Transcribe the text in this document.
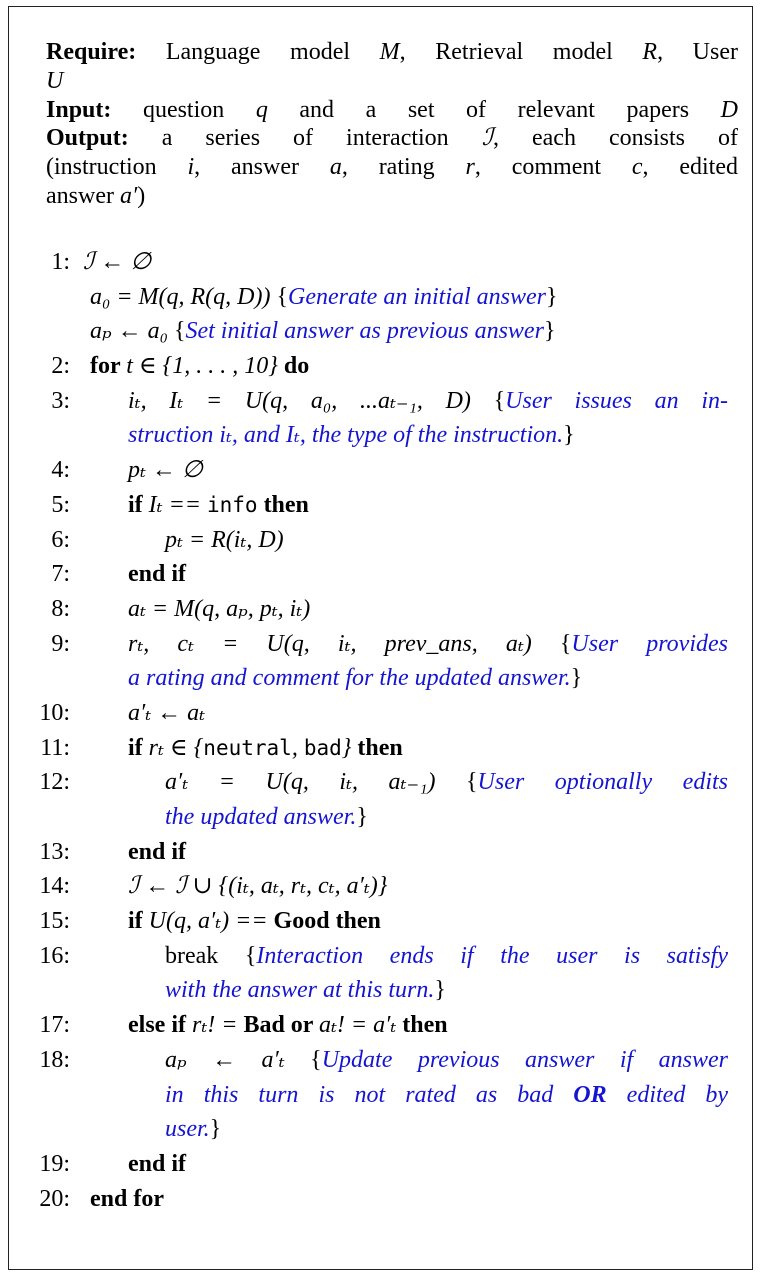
Require: Language model M, Retrieval model R, User
U
Input: question q and a set of relevant papers D
Output: a series of interaction ℐ, each consists of
(instruction i, answer a, rating r, comment c, edited
answer a′)
1: ℐ ← ∅
a₀ = M(q, R(q, D)) {Generate an initial answer}
aₚ ← a₀ {Set initial answer as previous answer}
2: for t ∈ {1, . . . , 10} do
3: iₜ, Iₜ = U(q, a₀, ...aₜ₋₁, D) {User issues an in-
struction iₜ, and Iₜ, the type of the instruction.}
4: pₜ ← ∅
5: if Iₜ == info then
6:	pₜ = R(iₜ, D)
7: end if
8: aₜ = M(q, aₚ, pₜ, iₜ)
9: rₜ, cₜ = U(q, iₜ, prev_ans, aₜ) {User provides
a rating and comment for the updated answer.}
10: a′ₜ ← aₜ
11: if rₜ ∈ {neutral, bad} then
12:	a′ₜ = U(q, iₜ, aₜ₋₁) {User optionally edits
the updated answer.}
13: end if
14: ℐ ← ℐ ∪ {(iₜ, aₜ, rₜ, cₜ, a′ₜ)}
15: if U(q, a′ₜ) == Good then
16:	break {Interaction ends if the user is satisfy
with the answer at this turn.}
17: else if rₜ! = Bad or aₜ! = a′ₜ then
18:	aₚ ← a′ₜ {Update previous answer if answer
in this turn is not rated as bad OR edited by
user.}
19: end if
20: end for
